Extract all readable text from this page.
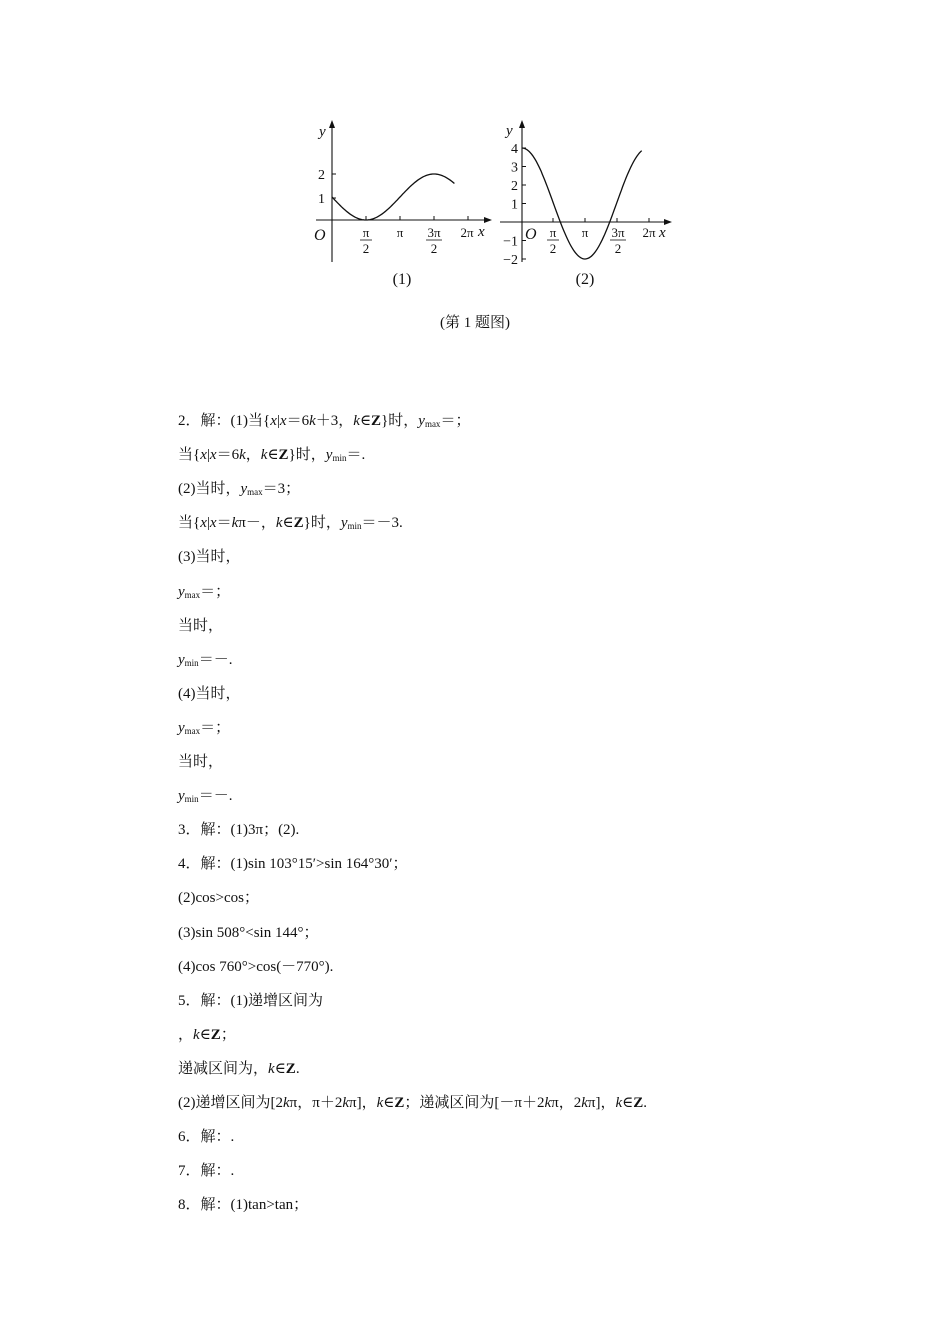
y
x
O
1
2
π
2
π 3π
2
2π
(1)
y
x
O
4
3
2
1
−1
−2
π
2
π 3π
2
2π
(2)
(第 1 题图)
2．解：(1)当{x|x＝6k＋3，k∈Z}时，$y_{max}=$；
当{x|x＝6k，k∈Z}时，$y_{min}=$.
(2)当时，$y_{max}=3$；
当{x|x＝kπ－，k∈Z}时，$y_{min}=-3$.
(3)当时，
$y_{max}=$；
当时，
$y_{min}=-$.
(4)当时，
$y_{max}=$；
当时，
$y_{min}=-$.
3．解：(1)3π；(2).
4．解：(1)sin 103°15′>sin 164°30′；
(2)cos>cos；
(3)sin 508°<sin 144°；
(4)cos 760°>cos(－770°).
5．解：(1)递增区间为
，k∈Z；
递减区间为，k∈Z.
(2)递增区间为[2kπ，π＋2kπ]，k∈Z；递减区间为[－π＋2kπ，2kπ]，k∈Z.
6．解：.
7．解：.
8．解：(1)tan>tan；
